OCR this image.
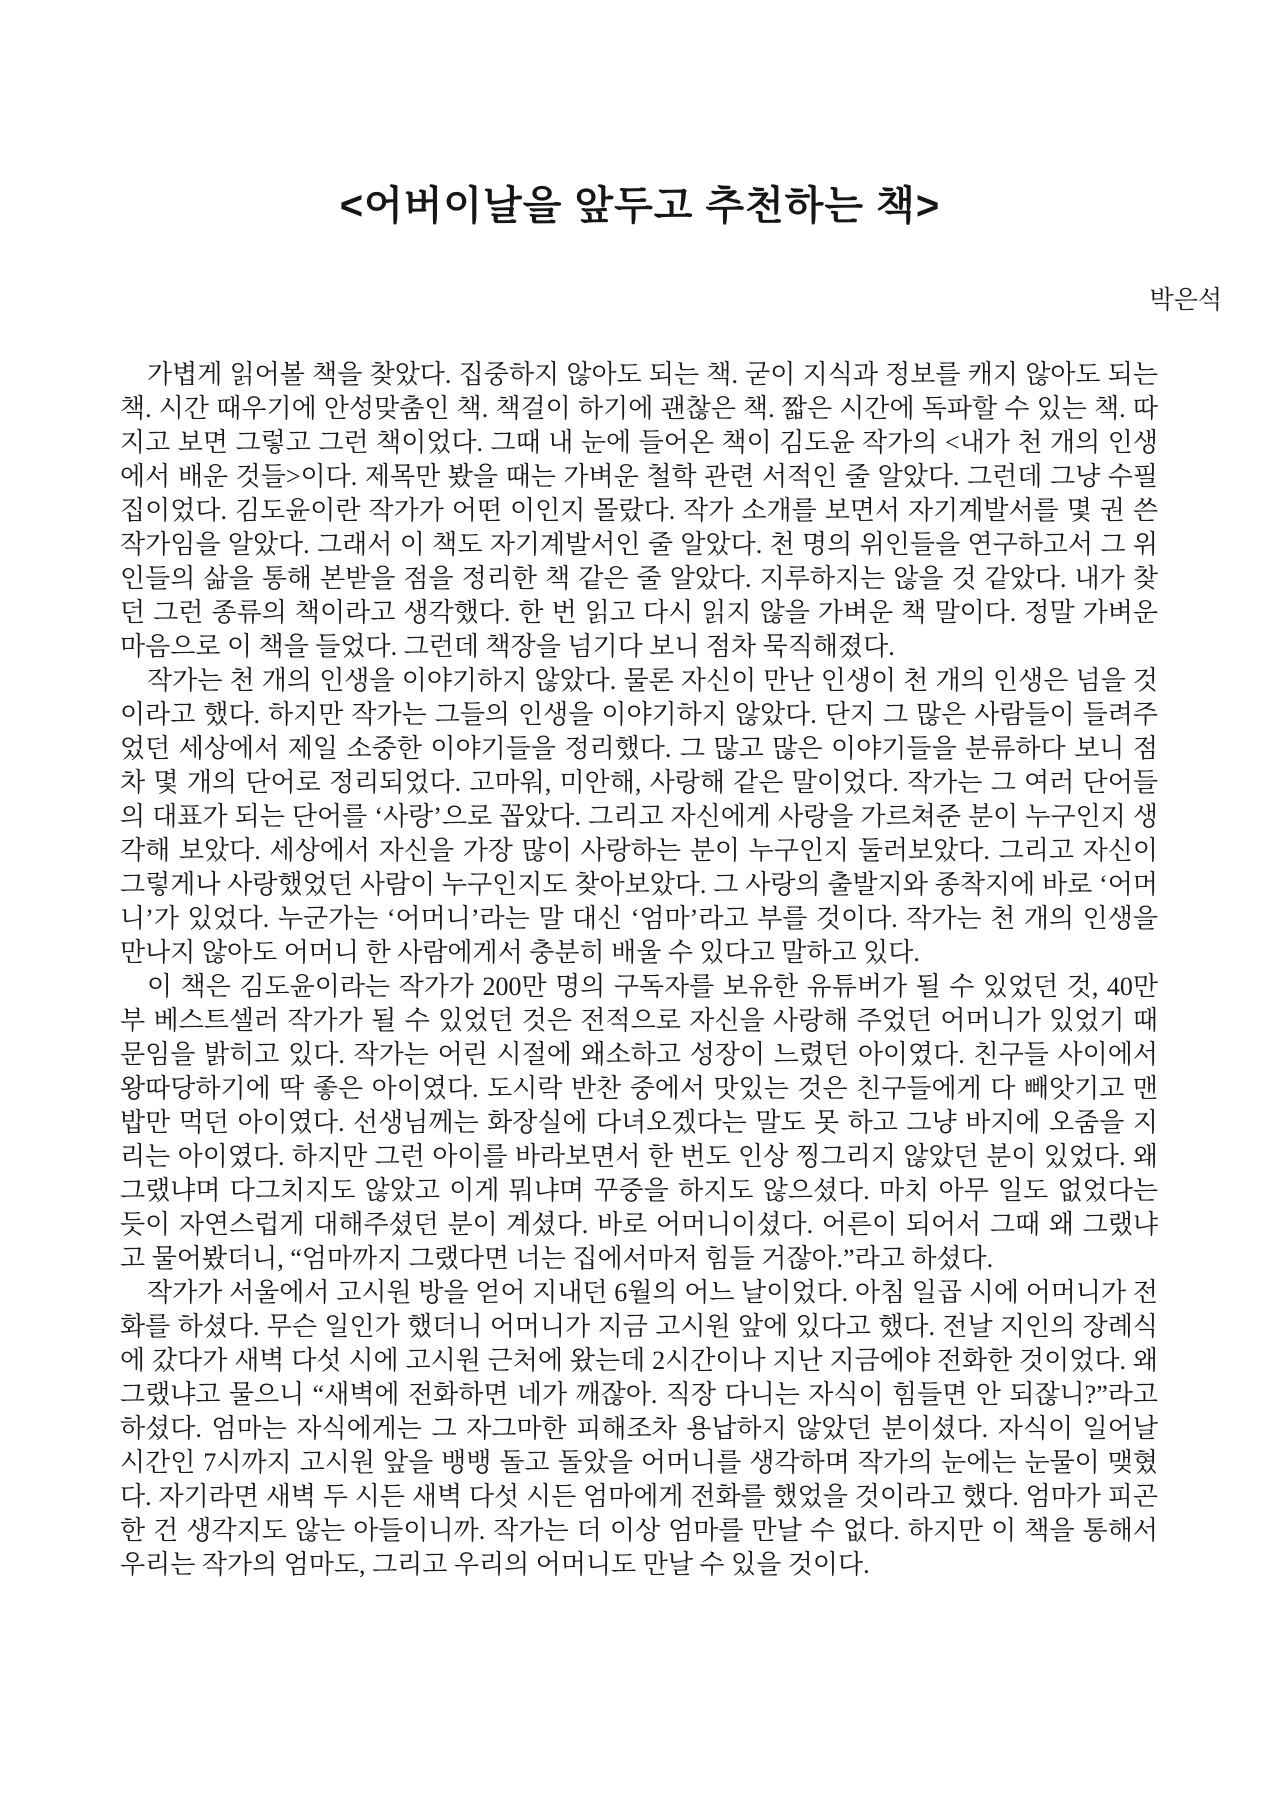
<어버이날을 앞두고 추천하는 책>
박은석

가볍게 읽어볼 책을 찾았다. 집중하지 않아도 되는 책. 굳이 지식과 정보를 캐지 않아도 되는 책. 시간 때우기에 안성맞춤인 책. 책걸이 하기에 괜찮은 책. 짧은 시간에 독파할 수 있는 책. 따지고 보면 그렇고 그런 책이었다. 그때 내 눈에 들어온 책이 김도윤 작가의 <내가 천 개의 인생에서 배운 것들>이다. 제목만 봤을 때는 가벼운 철학 관련 서적인 줄 알았다. 그런데 그냥 수필집이었다. 김도윤이란 작가가 어떤 이인지 몰랐다. 작가 소개를 보면서 자기계발서를 몇 권 쓴 작가임을 알았다. 그래서 이 책도 자기계발서인 줄 알았다. 천 명의 위인들을 연구하고서 그 위인들의 삶을 통해 본받을 점을 정리한 책 같은 줄 알았다. 지루하지는 않을 것 같았다. 내가 찾던 그런 종류의 책이라고 생각했다. 한 번 읽고 다시 읽지 않을 가벼운 책 말이다. 정말 가벼운 마음으로 이 책을 들었다. 그런데 책장을 넘기다 보니 점차 묵직해졌다.

작가는 천 개의 인생을 이야기하지 않았다. 물론 자신이 만난 인생이 천 개의 인생은 넘을 것이라고 했다. 하지만 작가는 그들의 인생을 이야기하지 않았다. 단지 그 많은 사람들이 들려주었던 세상에서 제일 소중한 이야기들을 정리했다. 그 많고 많은 이야기들을 분류하다 보니 점차 몇 개의 단어로 정리되었다. 고마워, 미안해, 사랑해 같은 말이었다. 작가는 그 여러 단어들의 대표가 되는 단어를 ‘사랑’으로 꼽았다. 그리고 자신에게 사랑을 가르쳐준 분이 누구인지 생각해 보았다. 세상에서 자신을 가장 많이 사랑하는 분이 누구인지 둘러보았다. 그리고 자신이 그렇게나 사랑했었던 사람이 누구인지도 찾아보았다. 그 사랑의 출발지와 종착지에 바로 ‘어머니’가 있었다. 누군가는 ‘어머니’라는 말 대신 ‘엄마’라고 부를 것이다. 작가는 천 개의 인생을 만나지 않아도 어머니 한 사람에게서 충분히 배울 수 있다고 말하고 있다.

이 책은 김도윤이라는 작가가 200만 명의 구독자를 보유한 유튜버가 될 수 있었던 것, 40만 부 베스트셀러 작가가 될 수 있었던 것은 전적으로 자신을 사랑해 주었던 어머니가 있었기 때문임을 밝히고 있다. 작가는 어린 시절에 왜소하고 성장이 느렸던 아이였다. 친구들 사이에서 왕따당하기에 딱 좋은 아이였다. 도시락 반찬 중에서 맛있는 것은 친구들에게 다 빼앗기고 맨밥만 먹던 아이였다. 선생님께는 화장실에 다녀오겠다는 말도 못 하고 그냥 바지에 오줌을 지리는 아이였다. 하지만 그런 아이를 바라보면서 한 번도 인상 찡그리지 않았던 분이 있었다. 왜 그랬냐며 다그치지도 않았고 이게 뭐냐며 꾸중을 하지도 않으셨다. 마치 아무 일도 없었다는 듯이 자연스럽게 대해주셨던 분이 계셨다. 바로 어머니이셨다. 어른이 되어서 그때 왜 그랬냐고 물어봤더니, “엄마까지 그랬다면 너는 집에서마저 힘들 거잖아.”라고 하셨다.

작가가 서울에서 고시원 방을 얻어 지내던 6월의 어느 날이었다. 아침 일곱 시에 어머니가 전화를 하셨다. 무슨 일인가 했더니 어머니가 지금 고시원 앞에 있다고 했다. 전날 지인의 장례식에 갔다가 새벽 다섯 시에 고시원 근처에 왔는데 2시간이나 지난 지금에야 전화한 것이었다. 왜 그랬냐고 물으니 “새벽에 전화하면 네가 깨잖아. 직장 다니는 자식이 힘들면 안 되잖니?”라고 하셨다. 엄마는 자식에게는 그 자그마한 피해조차 용납하지 않았던 분이셨다. 자식이 일어날 시간인 7시까지 고시원 앞을 뱅뱅 돌고 돌았을 어머니를 생각하며 작가의 눈에는 눈물이 맺혔다. 자기라면 새벽 두 시든 새벽 다섯 시든 엄마에게 전화를 했었을 것이라고 했다. 엄마가 피곤한 건 생각지도 않는 아들이니까. 작가는 더 이상 엄마를 만날 수 없다. 하지만 이 책을 통해서 우리는 작가의 엄마도, 그리고 우리의 어머니도 만날 수 있을 것이다.
